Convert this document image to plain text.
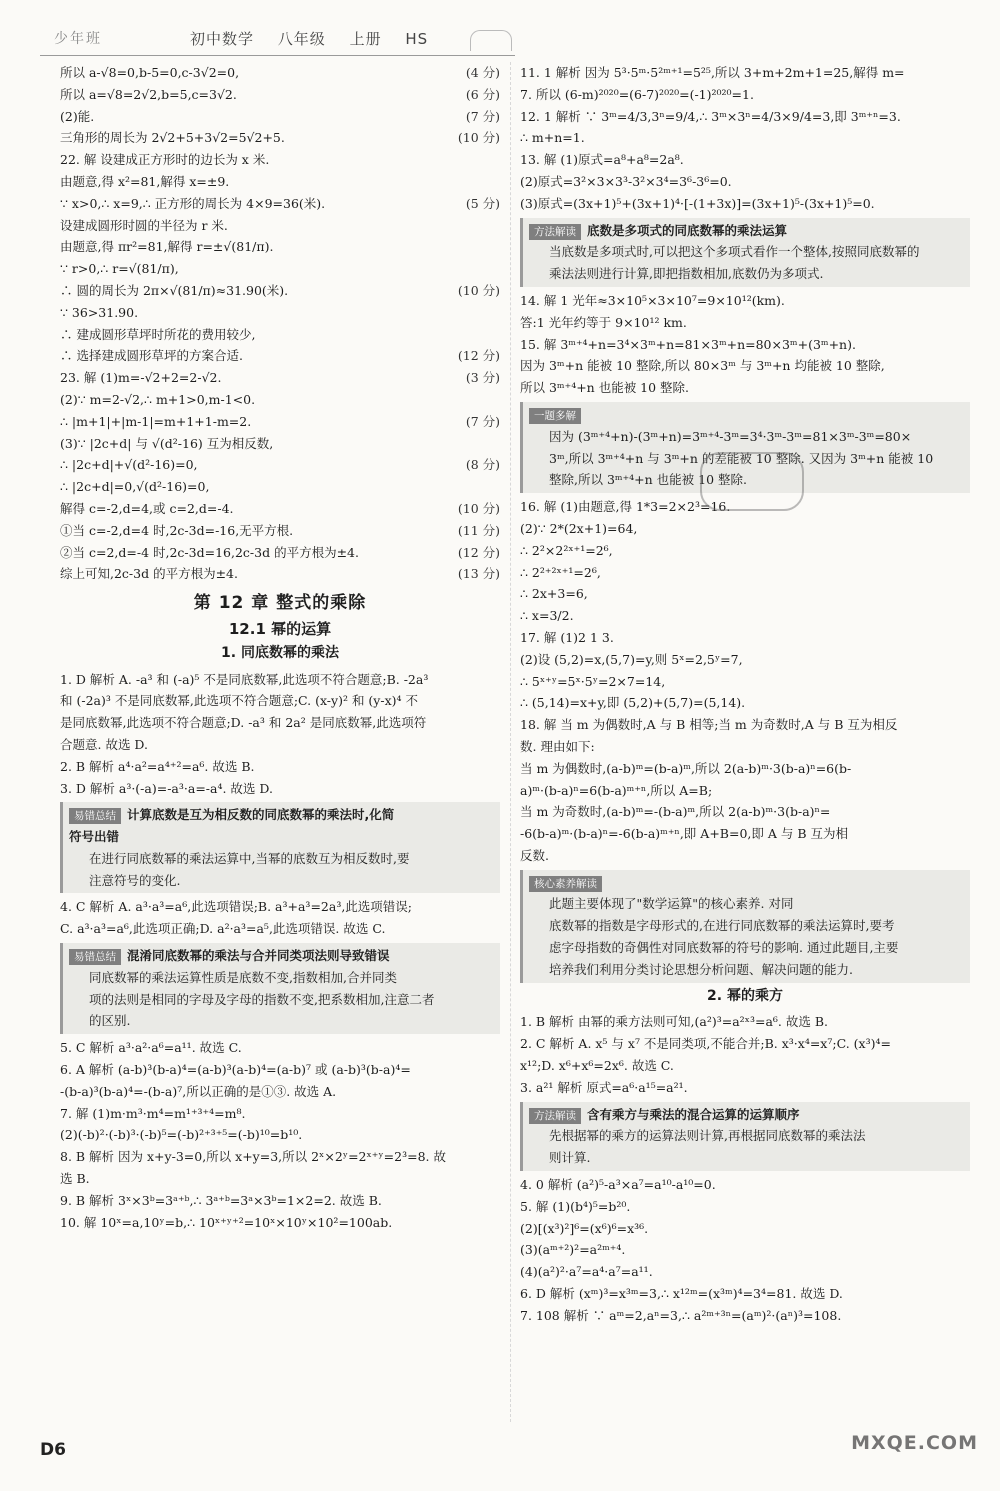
少年班	初中数学 八年级 上册 HS
所以 a-√8=0,b-5=0,c-3√2=0,	(4 分)
所以 a=√8=2√2,b=5,c=3√2.	(6 分)
(2)能.	(7 分)
三角形的周长为 2√2+5+3√2=5√2+5.	(10 分)
22. 解 设建成正方形时的边长为 x 米.
由题意,得 x²=81,解得 x=±9.
∵ x>0,∴ x=9,∴ 正方形的周长为 4×9=36(米).	(5 分)
设建成圆形时圆的半径为 r 米.
由题意,得 πr²=81,解得 r=±√(81/π).
∵ r>0,∴ r=√(81/π),
∴ 圆的周长为 2π×√(81/π)≈31.90(米).	(10 分)
∵ 36>31.90.
∴ 建成圆形草坪时所花的费用较少,
∴ 选择建成圆形草坪的方案合适.	(12 分)
23. 解 (1)m=-√2+2=2-√2.	(3 分)
(2)∵ m=2-√2,∴ m+1>0,m-1<0.
∴ |m+1|+|m-1|=m+1+1-m=2.	(7 分)
(3)∵ |2c+d| 与 √(d²-16) 互为相反数,
∴ |2c+d|+√(d²-16)=0,	(8 分)
∴ |2c+d|=0,√(d²-16)=0,
解得 c=-2,d=4,或 c=2,d=-4.	(10 分)
①当 c=-2,d=4 时,2c-3d=-16,无平方根.	(11 分)
②当 c=2,d=-4 时,2c-3d=16,2c-3d 的平方根为±4.	(12 分)
综上可知,2c-3d 的平方根为±4.	(13 分)
第 12 章 整式的乘除
12.1 幂的运算
1. 同底数幂的乘法
1. D 解析 A. -a³ 和 (-a)⁵ 不是同底数幂,此选项不符合题意;B. -2a³
和 (-2a)³ 不是同底数幂,此选项不符合题意;C. (x-y)² 和 (y-x)⁴ 不
是同底数幂,此选项不符合题意;D. -a³ 和 2a² 是同底数幂,此选项符
合题意. 故选 D.
2. B 解析 a⁴·a²=a⁴⁺²=a⁶. 故选 B.
3. D 解析 a³·(-a)=-a³·a=-a⁴. 故选 D.
易错总结 计算底数是互为相反数的同底数幂的乘法时,化简
符号出错
在进行同底数幂的乘法运算中,当幂的底数互为相反数时,要
注意符号的变化.
4. C 解析 A. a³·a³=a⁶,此选项错误;B. a³+a³=2a³,此选项错误;
C. a³·a³=a⁶,此选项正确;D. a²·a³=a⁵,此选项错误. 故选 C.
易错总结 混淆同底数幂的乘法与合并同类项法则导致错误
同底数幂的乘法运算性质是底数不变,指数相加,合并同类
项的法则是相同的字母及字母的指数不变,把系数相加,注意二者
的区别.
5. C 解析 a³·a²·a⁶=a¹¹. 故选 C.
6. A 解析 (a-b)³(b-a)⁴=(a-b)³(a-b)⁴=(a-b)⁷ 或 (a-b)³(b-a)⁴=
-(b-a)³(b-a)⁴=-(b-a)⁷,所以正确的是①③. 故选 A.
7. 解 (1)m·m³·m⁴=m¹⁺³⁺⁴=m⁸.
(2)(-b)²·(-b)³·(-b)⁵=(-b)²⁺³⁺⁵=(-b)¹⁰=b¹⁰.
8. B 解析 因为 x+y-3=0,所以 x+y=3,所以 2ˣ×2ʸ=2ˣ⁺ʸ=2³=8. 故
选 B.
9. B 解析 3ˣ×3ᵇ=3ᵃ⁺ᵇ,∴ 3ᵃ⁺ᵇ=3ᵃ×3ᵇ=1×2=2. 故选 B.
10. 解 10ˣ=a,10ʸ=b,∴ 10ˣ⁺ʸ⁺²=10ˣ×10ʸ×10²=100ab.
11. 1 解析 因为 5³·5ᵐ·5²ᵐ⁺¹=5²⁵,所以 3+m+2m+1=25,解得 m=
7. 所以 (6-m)²⁰²⁰=(6-7)²⁰²⁰=(-1)²⁰²⁰=1.
12. 1 解析 ∵ 3ᵐ=4/3,3ⁿ=9/4,∴ 3ᵐ×3ⁿ=4/3×9/4=3,即 3ᵐ⁺ⁿ=3.
∴ m+n=1.
13. 解 (1)原式=a⁸+a⁸=2a⁸.
(2)原式=3²×3×3³-3²×3⁴=3⁶-3⁶=0.
(3)原式=(3x+1)⁵+(3x+1)⁴·[-(1+3x)]=(3x+1)⁵-(3x+1)⁵=0.
方法解读 底数是多项式的同底数幂的乘法运算
当底数是多项式时,可以把这个多项式看作一个整体,按照同底数幂的
乘法法则进行计算,即把指数相加,底数仍为多项式.
14. 解 1 光年≈3×10⁵×3×10⁷=9×10¹²(km).
答:1 光年约等于 9×10¹² km.
15. 解 3ᵐ⁺⁴+n=3⁴×3ᵐ+n=81×3ᵐ+n=80×3ᵐ+(3ᵐ+n).
因为 3ᵐ+n 能被 10 整除,所以 80×3ᵐ 与 3ᵐ+n 均能被 10 整除,
所以 3ᵐ⁺⁴+n 也能被 10 整除.
一题多解
因为 (3ᵐ⁺⁴+n)-(3ᵐ+n)=3ᵐ⁺⁴-3ᵐ=3⁴·3ᵐ-3ᵐ=81×3ᵐ-3ᵐ=80×
3ᵐ,所以 3ᵐ⁺⁴+n 与 3ᵐ+n 的差能被 10 整除. 又因为 3ᵐ+n 能被 10
整除,所以 3ᵐ⁺⁴+n 也能被 10 整除.
16. 解 (1)由题意,得 1*3=2×2³=16.
(2)∵ 2*(2x+1)=64,
∴ 2²×2²ˣ⁺¹=2⁶,
∴ 2²⁺²ˣ⁺¹=2⁶,
∴ 2x+3=6,
∴ x=3/2.
17. 解 (1)2 1 3.
(2)设 (5,2)=x,(5,7)=y,则 5ˣ=2,5ʸ=7,
∴ 5ˣ⁺ʸ=5ˣ·5ʸ=2×7=14,
∴ (5,14)=x+y,即 (5,2)+(5,7)=(5,14).
18. 解 当 m 为偶数时,A 与 B 相等;当 m 为奇数时,A 与 B 互为相反
数. 理由如下:
当 m 为偶数时,(a-b)ᵐ=(b-a)ᵐ,所以 2(a-b)ᵐ·3(b-a)ⁿ=6(b-
a)ᵐ·(b-a)ⁿ=6(b-a)ᵐ⁺ⁿ,所以 A=B;
当 m 为奇数时,(a-b)ᵐ=-(b-a)ᵐ,所以 2(a-b)ᵐ·3(b-a)ⁿ=
-6(b-a)ᵐ·(b-a)ⁿ=-6(b-a)ᵐ⁺ⁿ,即 A+B=0,即 A 与 B 互为相
反数.
核心素养解读
此题主要体现了"数学运算"的核心素养. 对同
底数幂的指数是字母形式的,在进行同底数幂的乘法运算时,要考
虑字母指数的奇偶性对同底数幂的符号的影响. 通过此题目,主要
培养我们利用分类讨论思想分析问题、解决问题的能力.
2. 幂的乘方
1. B 解析 由幂的乘方法则可知,(a²)³=a²ˣ³=a⁶. 故选 B.
2. C 解析 A. x⁵ 与 x⁷ 不是同类项,不能合并;B. x³·x⁴=x⁷;C. (x³)⁴=
x¹²;D. x⁶+x⁶=2x⁶. 故选 C.
3. a²¹ 解析 原式=a⁶·a¹⁵=a²¹.
方法解读 含有乘方与乘法的混合运算的运算顺序
先根据幂的乘方的运算法则计算,再根据同底数幂的乘法法
则计算.
4. 0 解析 (a²)⁵-a³×a⁷=a¹⁰-a¹⁰=0.
5. 解 (1)(b⁴)⁵=b²⁰.
(2)[(x³)²]⁶=(x⁶)⁶=x³⁶.
(3)(aᵐ⁺²)²=a²ᵐ⁺⁴.
(4)(a²)²·a⁷=a⁴·a⁷=a¹¹.
6. D 解析 (xᵐ)³=x³ᵐ=3,∴ x¹²ᵐ=(x³ᵐ)⁴=3⁴=81. 故选 D.
7. 108 解析 ∵ aᵐ=2,aⁿ=3,∴ a²ᵐ⁺³ⁿ=(aᵐ)²·(aⁿ)³=108.
D6	MXQE.COM
